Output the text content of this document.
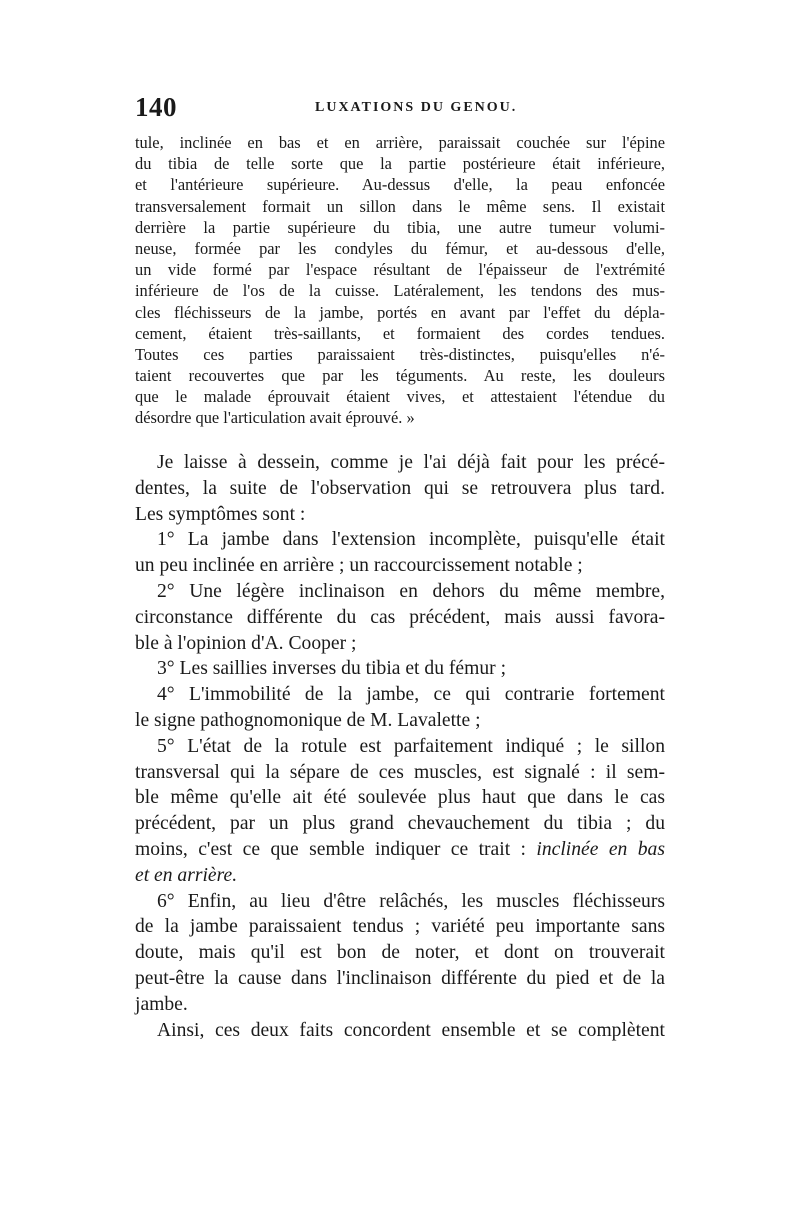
140	LUXATIONS DU GENOU.
tule, inclinée en bas et en arrière, paraissait couchée sur l'épine
du tibia de telle sorte que la partie postérieure était inférieure,
et l'antérieure supérieure. Au-dessus d'elle, la peau enfoncée
transversalement formait un sillon dans le même sens. Il existait
derrière la partie supérieure du tibia, une autre tumeur volumi-
neuse, formée par les condyles du fémur, et au-dessous d'elle,
un vide formé par l'espace résultant de l'épaisseur de l'extrémité
inférieure de l'os de la cuisse. Latéralement, les tendons des mus-
cles fléchisseurs de la jambe, portés en avant par l'effet du dépla-
cement, étaient très-saillants, et formaient des cordes tendues.
Toutes ces parties paraissaient très-distinctes, puisqu'elles n'é-
taient recouvertes que par les téguments. Au reste, les douleurs
que le malade éprouvait étaient vives, et attestaient l'étendue du
désordre que l'articulation avait éprouvé. »
Je laisse à dessein, comme je l'ai déjà fait pour les précé-
dentes, la suite de l'observation qui se retrouvera plus tard.
Les symptômes sont :
1° La jambe dans l'extension incomplète, puisqu'elle était
un peu inclinée en arrière ; un raccourcissement notable ;
2° Une légère inclinaison en dehors du même membre,
circonstance différente du cas précédent, mais aussi favora-
ble à l'opinion d'A. Cooper ;
3° Les saillies inverses du tibia et du fémur ;
4° L'immobilité de la jambe, ce qui contrarie fortement
le signe pathognomonique de M. Lavalette ;
5° L'état de la rotule est parfaitement indiqué ; le sillon
transversal qui la sépare de ces muscles, est signalé : il sem-
ble même qu'elle ait été soulevée plus haut que dans le cas
précédent, par un plus grand chevauchement du tibia ; du
moins, c'est ce que semble indiquer ce trait : inclinée en bas
et en arrière.
6° Enfin, au lieu d'être relâchés, les muscles fléchisseurs
de la jambe paraissaient tendus ; variété peu importante sans
doute, mais qu'il est bon de noter, et dont on trouverait
peut-être la cause dans l'inclinaison différente du pied et de la
jambe.
Ainsi, ces deux faits concordent ensemble et se complètent
